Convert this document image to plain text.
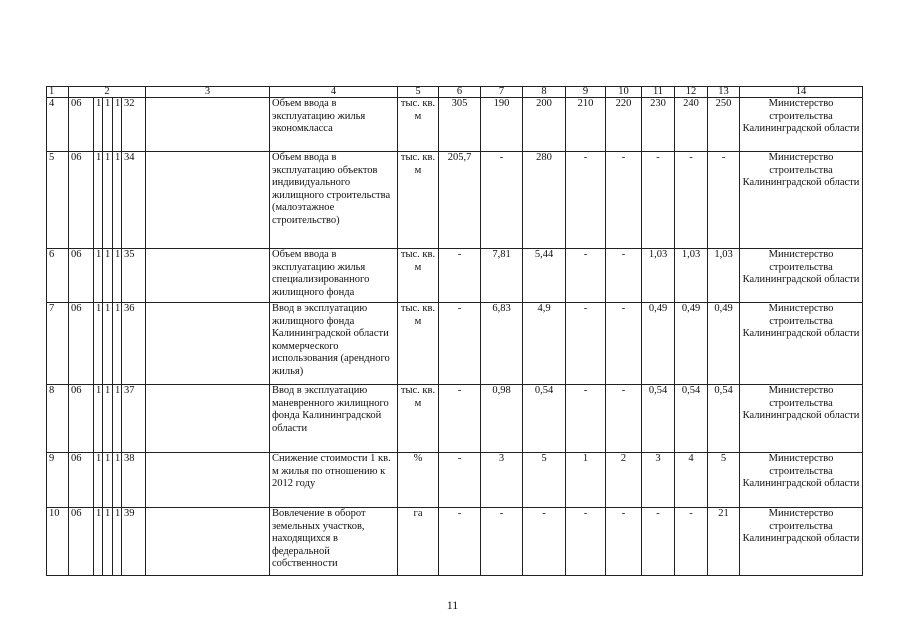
1	2					3	4	5	6	7	8	9	10	11	12	13	14
4	06	1	1	1	32		Объем ввода в эксплуатацию жилья экономкласса	тыс. кв. м	305	190	200	210	220	230	240	250	Министерство строительства Калининградской области
5	06	1	1	1	34		Объем ввода в эксплуатацию объектов индивидуального жилищного строительства (малоэтажное строительство)	тыс. кв. м	205,7	-	280	-	-	-	-	-	Министерство строительства Калининградской области
6	06	1	1	1	35		Объем ввода в эксплуатацию жилья специализированного жилищного фонда	тыс. кв. м	-	7,81	5,44	-	-	1,03	1,03	1,03	Министерство строительства Калининградской области
7	06	1	1	1	36		Ввод в эксплуатацию жилищного фонда Калининградской области коммерческого использования (арендного жилья)	тыс. кв. м	-	6,83	4,9	-	-	0,49	0,49	0,49	Министерство строительства Калининградской области
8	06	1	1	1	37		Ввод в эксплуатацию маневренного жилищного фонда Калининградской области	тыс. кв. м	-	0,98	0,54	-	-	0,54	0,54	0,54	Министерство строительства Калининградской области
9	06	1	1	1	38		Снижение стоимости 1 кв. м жилья по отношению к 2012 году	%	-	3	5	1	2	3	4	5	Министерство строительства Калининградской области
10	06	1	1	1	39		Вовлечение в оборот земельных участков, находящихся в федеральной собственности	га	-	-	-	-	-	-	-	21	Министерство строительства Калининградской области
11
